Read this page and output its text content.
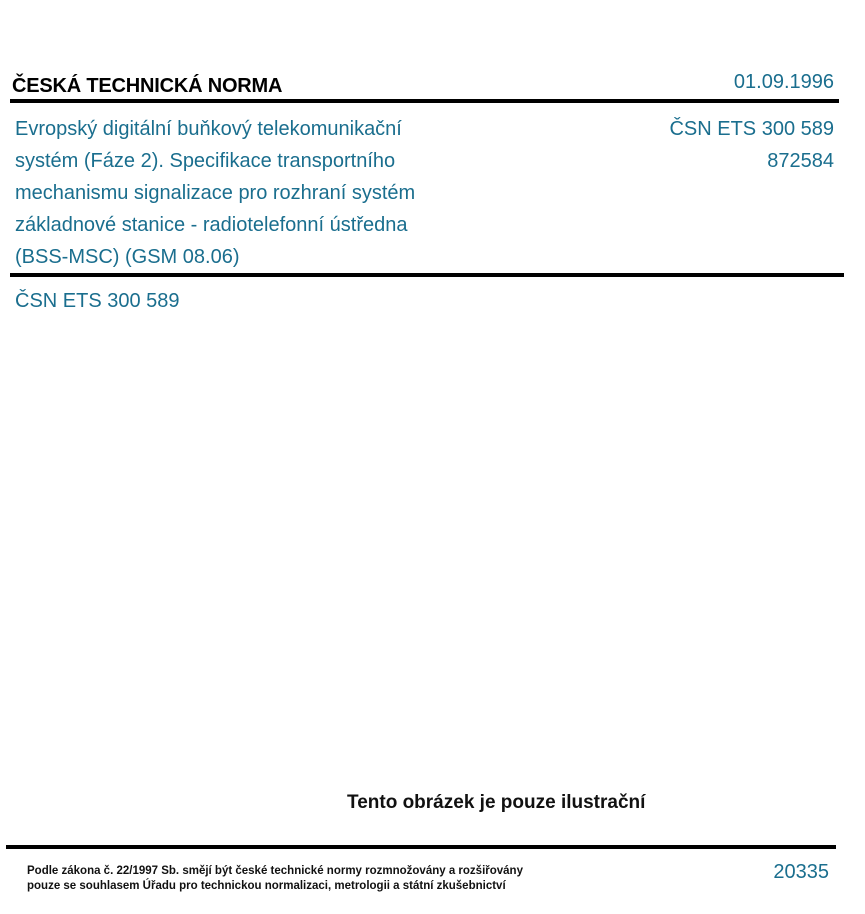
ČESKÁ TECHNICKÁ NORMA	01.09.1996
Evropský digitální buňkový telekomunikační
systém (Fáze 2). Specifikace transportního
mechanismu signalizace pro rozhraní systém
základnové stanice - radiotelefonní ústředna
(BSS-MSC) (GSM 08.06)
ČSN ETS 300 589
872584
ČSN ETS 300 589
Tento obrázek je pouze ilustrační
Podle zákona č. 22/1997 Sb. smějí být české technické normy rozmnožovány a rozšiřovány
pouze se souhlasem Úřadu pro technickou normalizaci, metrologii a státní zkušebnictví
20335
